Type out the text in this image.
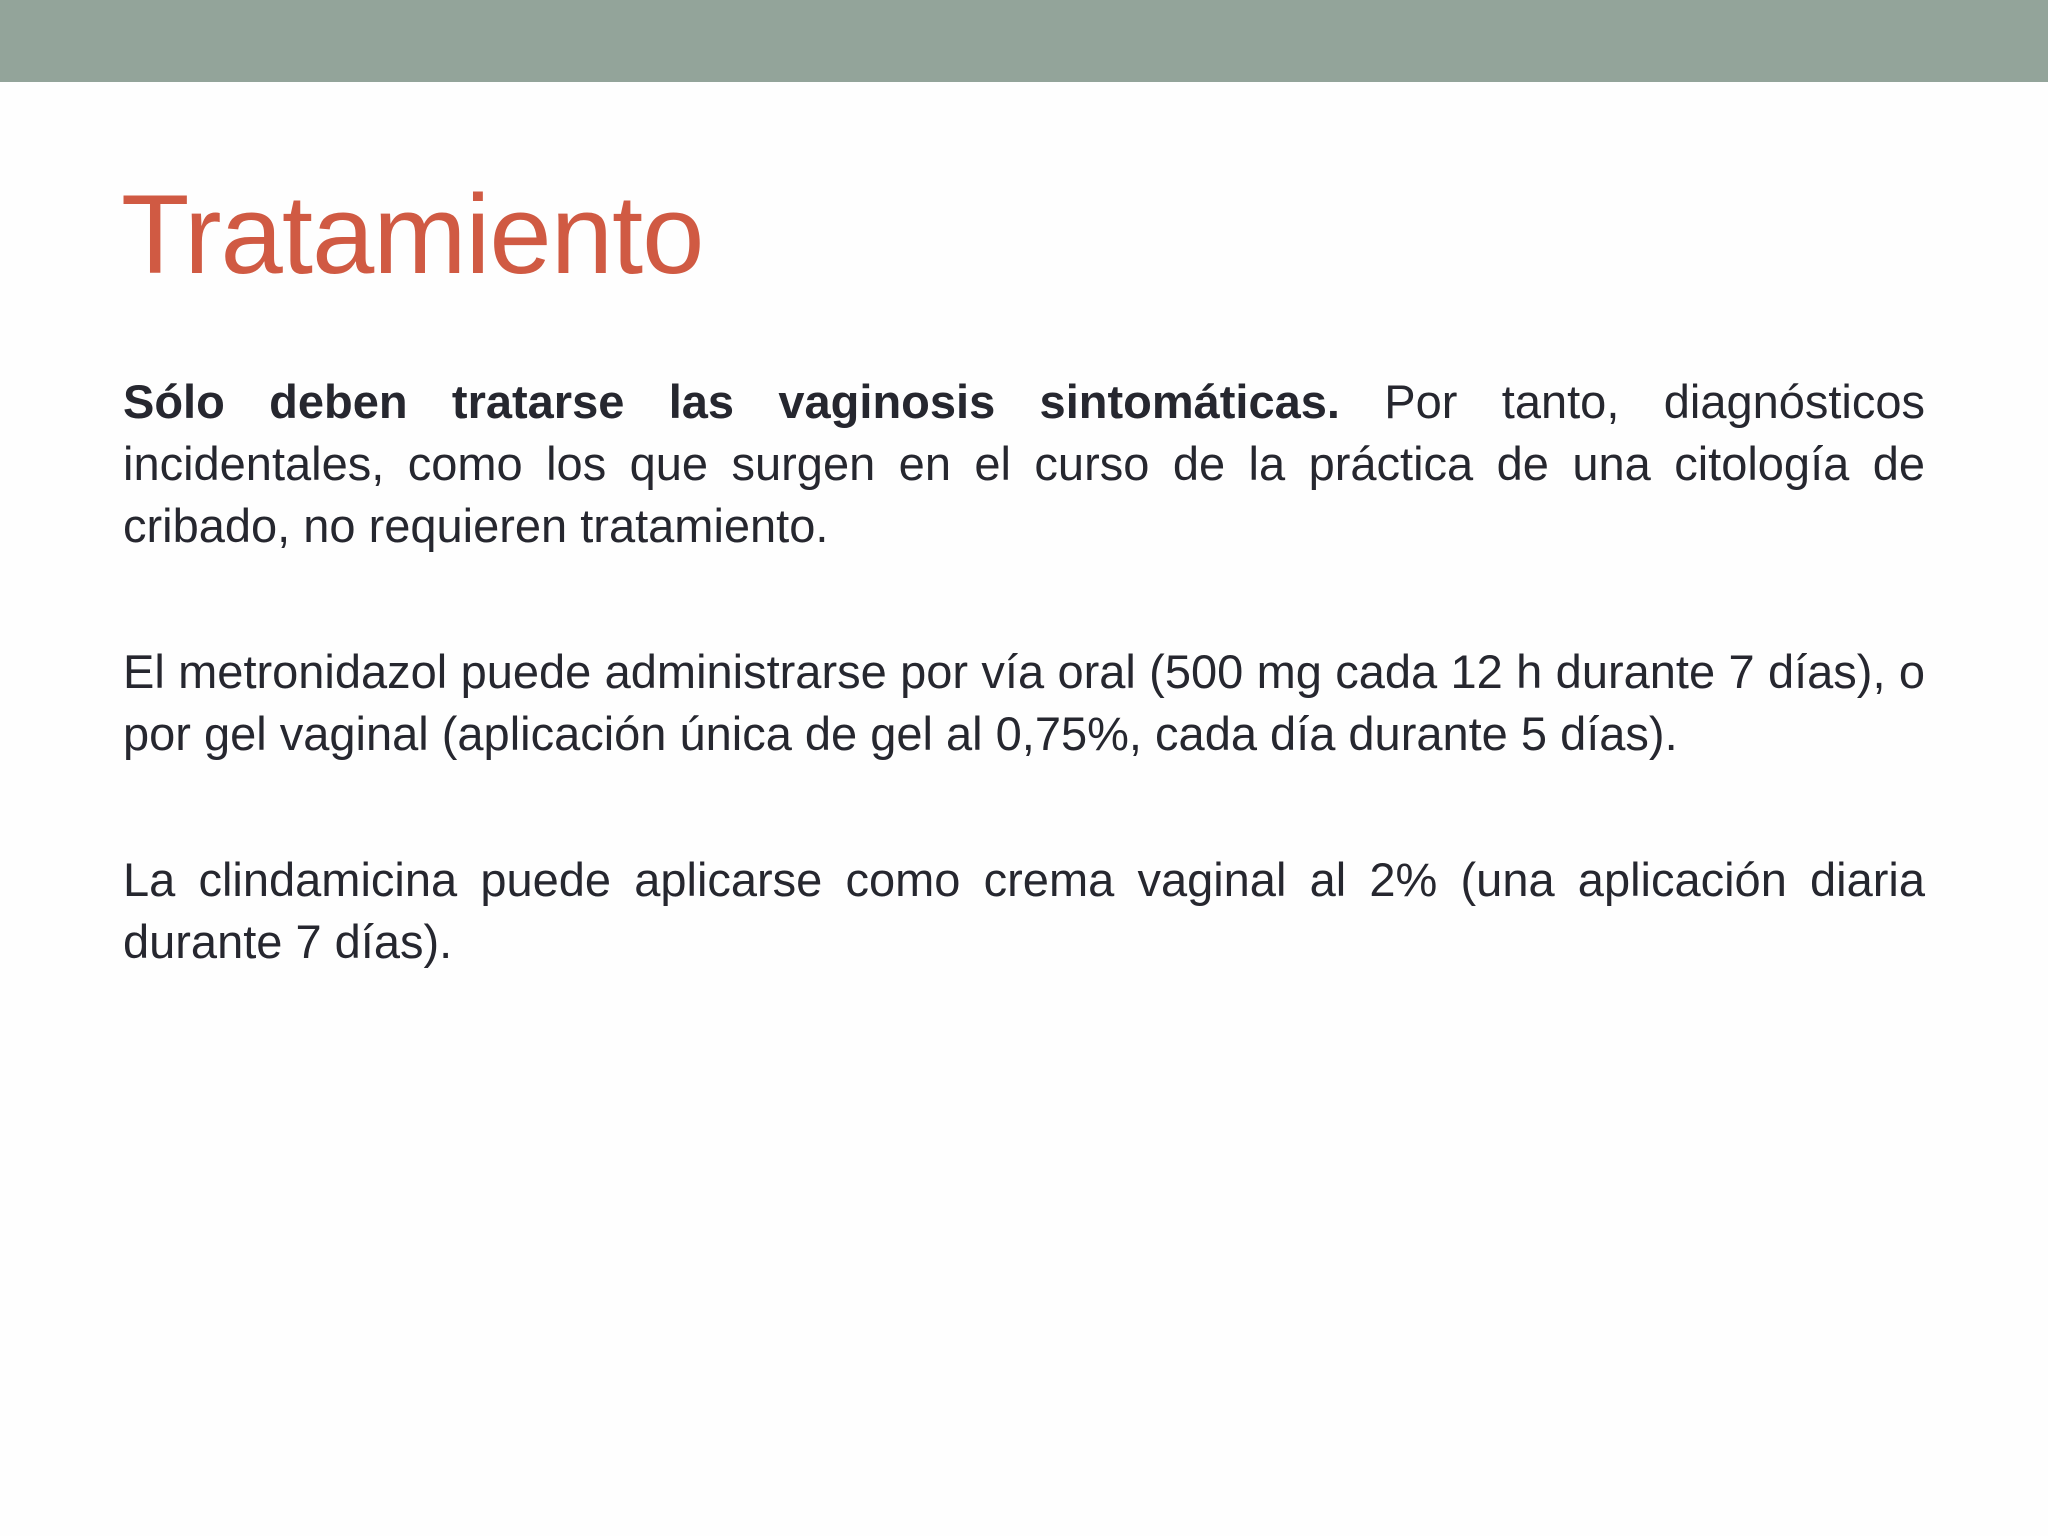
Tratamiento

Sólo deben tratarse las vaginosis sintomáticas. Por tanto, diagnósticos incidentales, como los que surgen en el curso de la práctica de una citología de cribado, no requieren tratamiento.

El metronidazol puede administrarse por vía oral (500 mg cada 12 h durante 7 días), o por gel vaginal (aplicación única de gel al 0,75%, cada día durante 5 días).

La clindamicina puede aplicarse como crema vaginal al 2% (una aplicación diaria durante 7 días).
